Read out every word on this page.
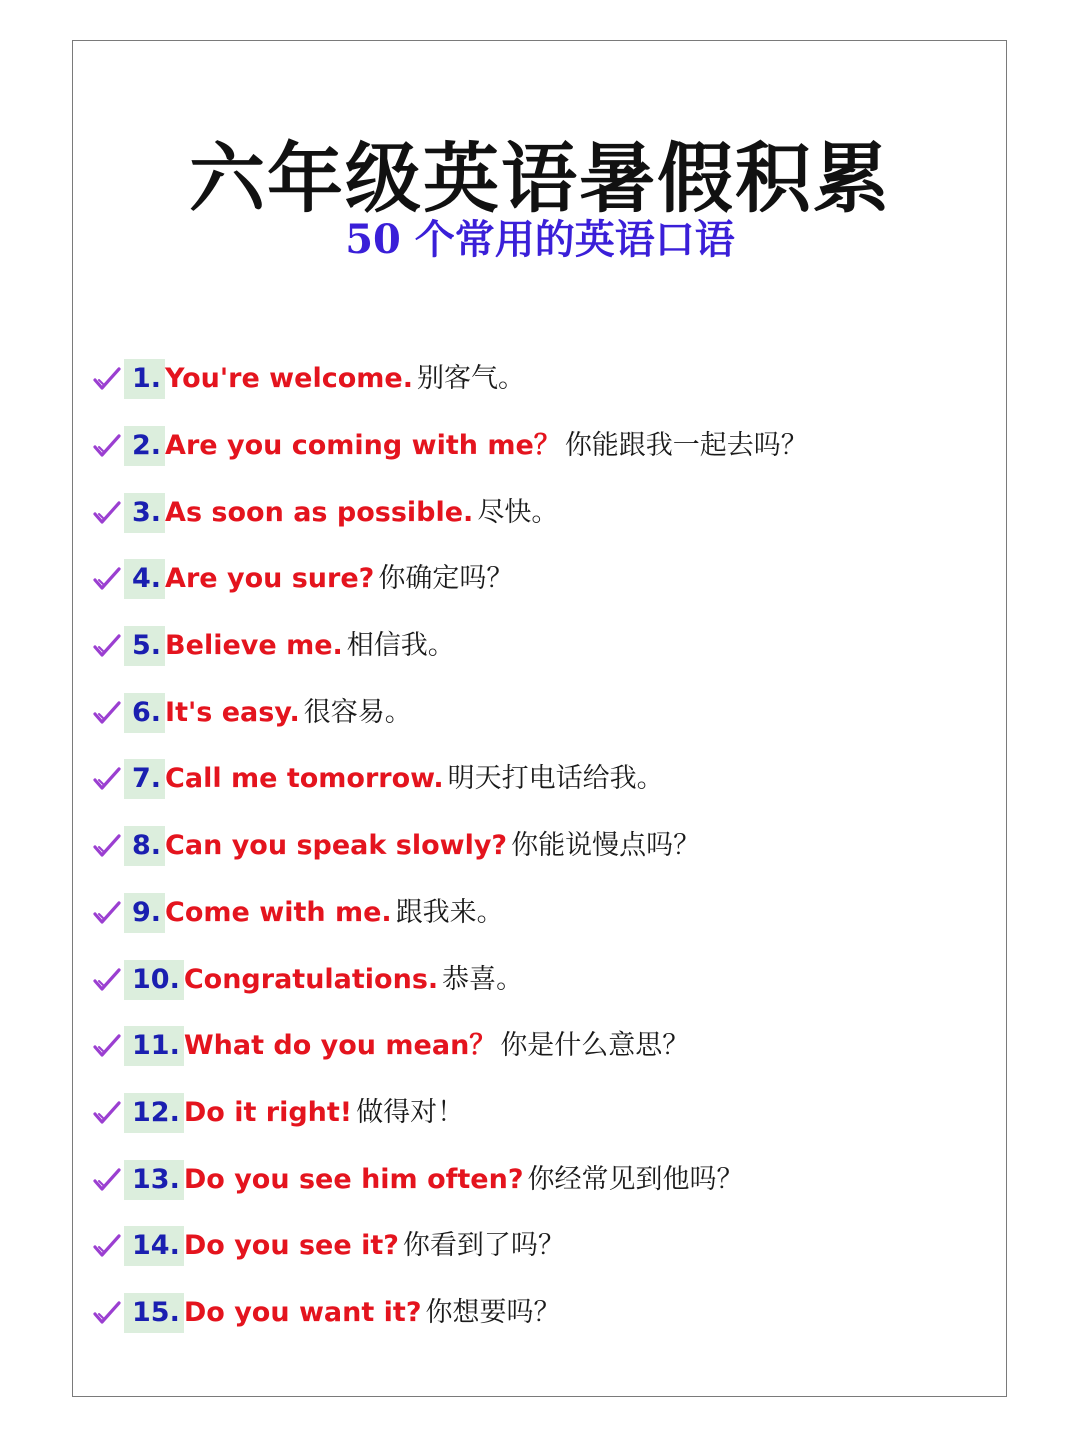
六年级英语暑假积累
50 个常用的英语口语
1. You're welcome. 别客气。
2. Are you coming with me？ 你能跟我一起去吗？
3. As soon as possible. 尽快。
4. Are you sure? 你确定吗？
5. Believe me. 相信我。
6. It's easy. 很容易。
7. Call me tomorrow. 明天打电话给我。
8. Can you speak slowly? 你能说慢点吗？
9. Come with me. 跟我来。
10. Congratulations. 恭喜。
11. What do you mean？ 你是什么意思？
12. Do it right! 做得对！
13. Do you see him often? 你经常见到他吗？
14. Do you see it? 你看到了吗？
15. Do you want it? 你想要吗？
